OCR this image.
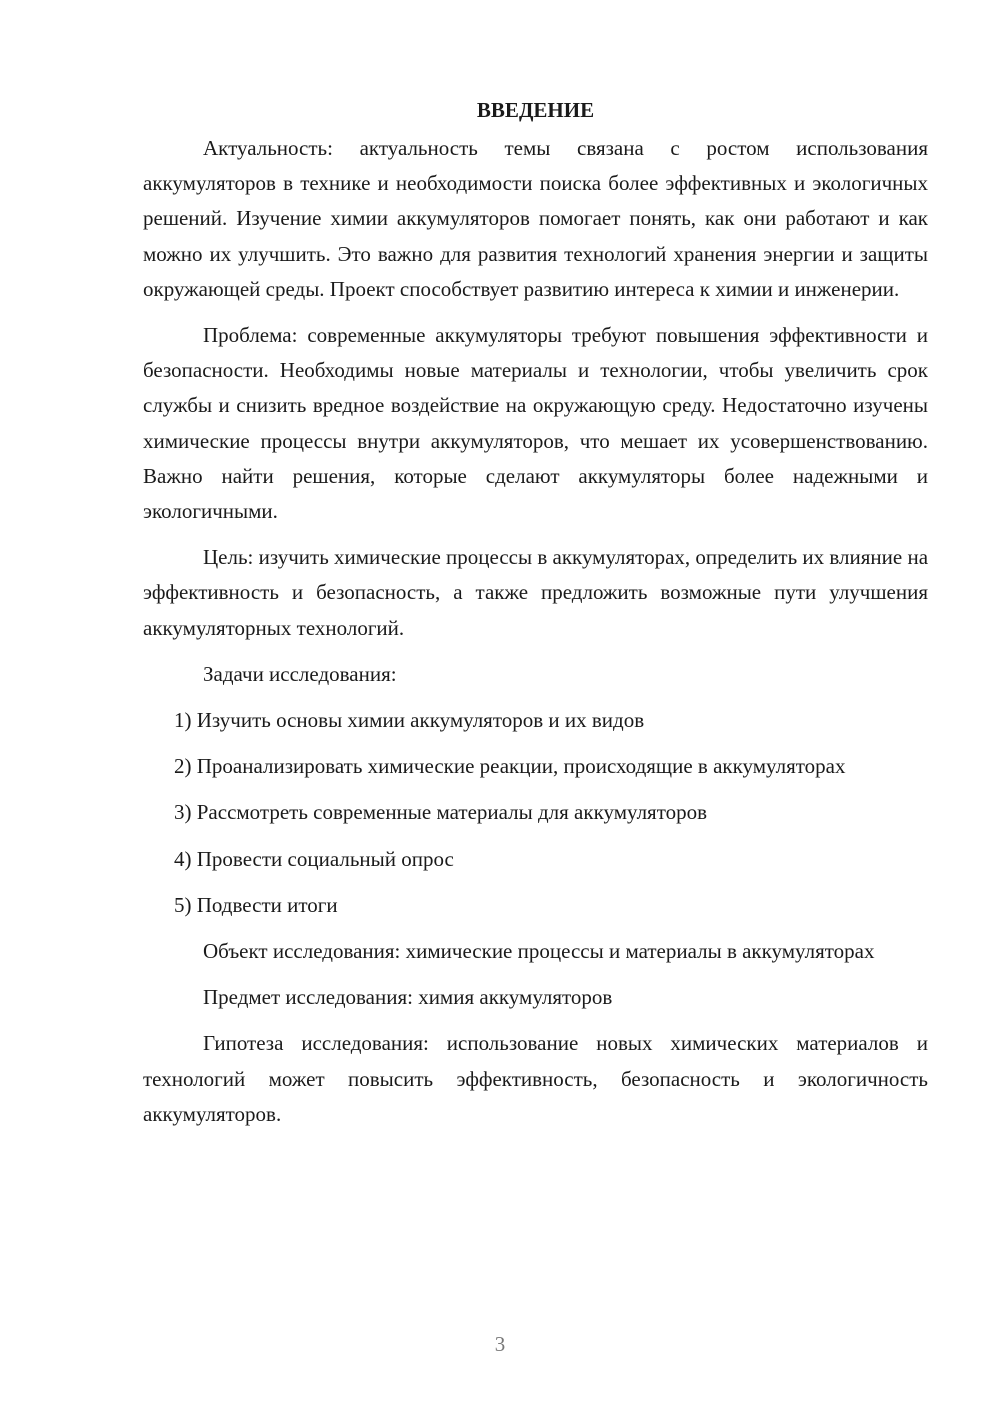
ВВЕДЕНИЕ

Актуальность: актуальность темы связана с ростом использования аккумуляторов в технике и необходимости поиска более эффективных и экологичных решений. Изучение химии аккумуляторов помогает понять, как они работают и как можно их улучшить. Это важно для развития технологий хранения энергии и защиты окружающей среды. Проект способствует развитию интереса к химии и инженерии.

Проблема: современные аккумуляторы требуют повышения эффективности и безопасности. Необходимы новые материалы и технологии, чтобы увеличить срок службы и снизить вредное воздействие на окружающую среду. Недостаточно изучены химические процессы внутри аккумуляторов, что мешает их усовершенствованию. Важно найти решения, которые сделают аккумуляторы более надежными и экологичными.

Цель: изучить химические процессы в аккумуляторах, определить их влияние на эффективность и безопасность, а также предложить возможные пути улучшения аккумуляторных технологий.

Задачи исследования:

1) Изучить основы химии аккумуляторов и их видов

2) Проанализировать химические реакции, происходящие в аккумуляторах

3) Рассмотреть современные материалы для аккумуляторов

4) Провести социальный опрос

5) Подвести итоги

Объект исследования: химические процессы и материалы в аккумуляторах

Предмет исследования: химия аккумуляторов

Гипотеза исследования: использование новых химических материалов и технологий может повысить эффективность, безопасность и экологичность аккумуляторов.

3
